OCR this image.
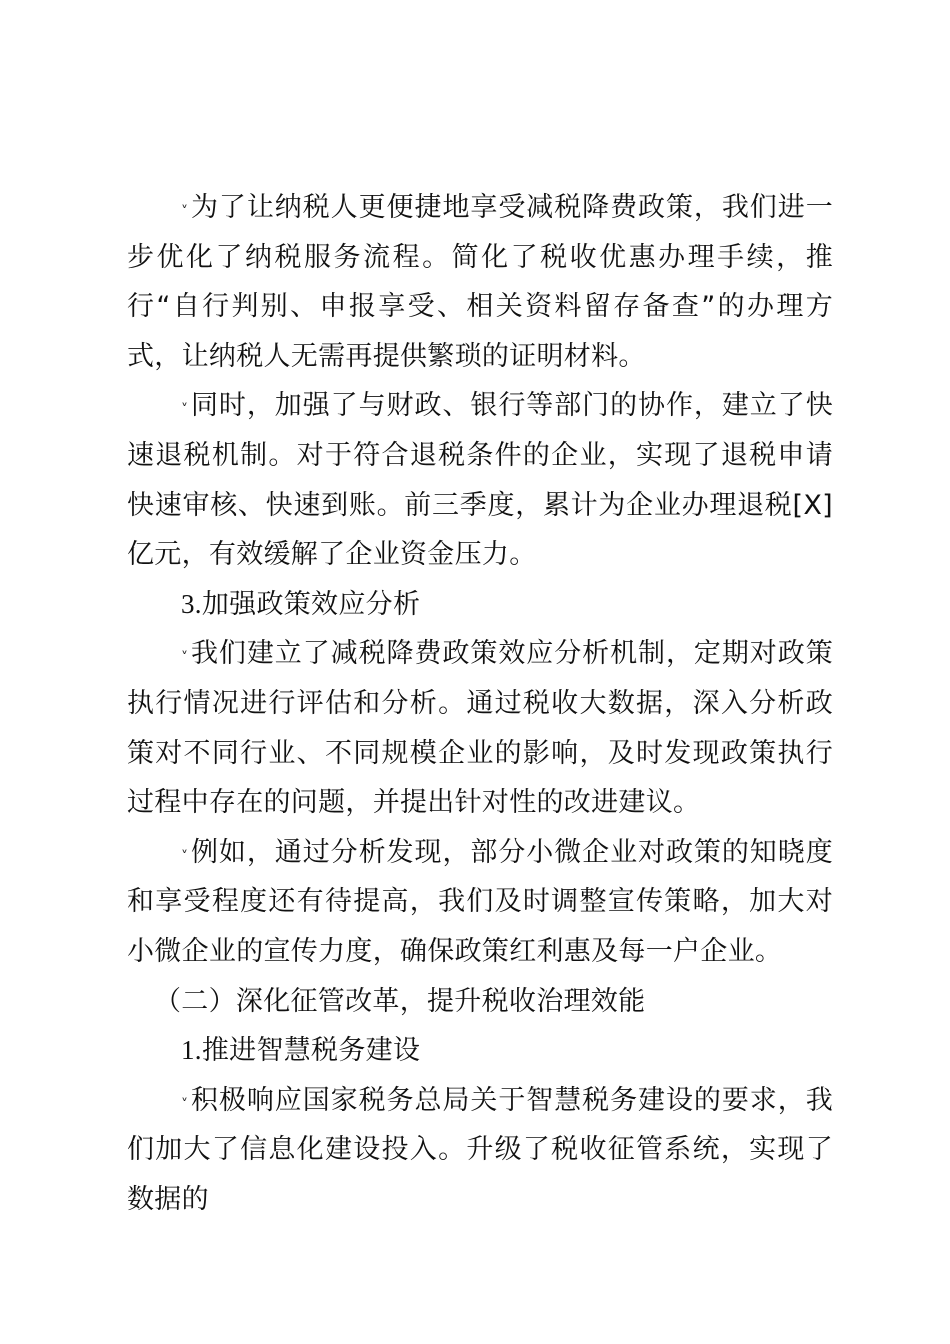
˅为了让纳税人更便捷地享受减税降费政策，我们进一步优化了纳税服务流程。简化了税收优惠办理手续，推行“自行判别、申报享受、相关资料留存备查”的办理方式，让纳税人无需再提供繁琐的证明材料。

˅同时，加强了与财政、银行等部门的协作，建立了快速退税机制。对于符合退税条件的企业，实现了退税申请快速审核、快速到账。前三季度，累计为企业办理退税[X]亿元，有效缓解了企业资金压力。

3.加强政策效应分析

˅我们建立了减税降费政策效应分析机制，定期对政策执行情况进行评估和分析。通过税收大数据，深入分析政策对不同行业、不同规模企业的影响，及时发现政策执行过程中存在的问题，并提出针对性的改进建议。

˅例如，通过分析发现，部分小微企业对政策的知晓度和享受程度还有待提高，我们及时调整宣传策略，加大对小微企业的宣传力度，确保政策红利惠及每一户企业。

（二）深化征管改革，提升税收治理效能

1.推进智慧税务建设

˅积极响应国家税务总局关于智慧税务建设的要求，我们加大了信息化建设投入。升级了税收征管系统，实现了数据的
